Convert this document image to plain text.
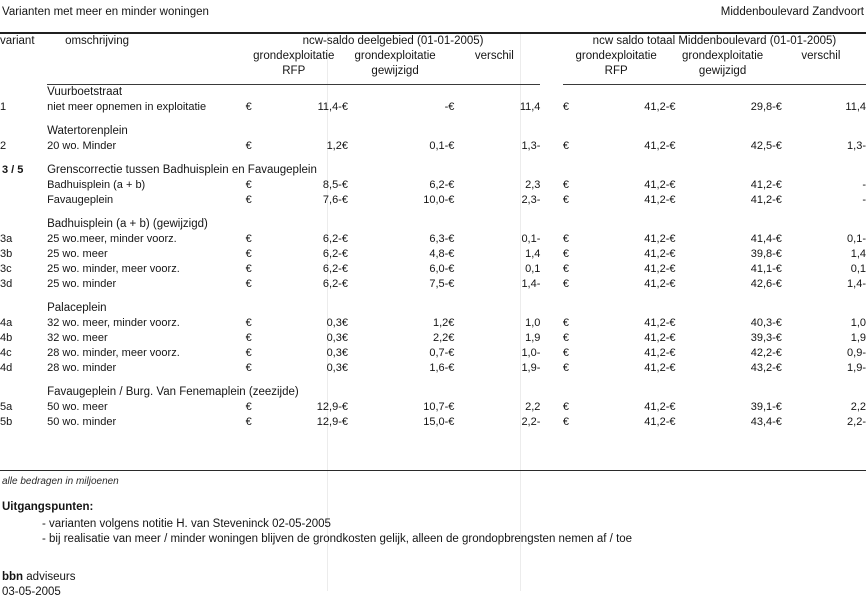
Varianten met meer en minder woningen	Middenboulevard Zandvoort
variant	omschrijving	ncw-saldo deelgebied (01-01-2005)							ncw saldo totaal Middenboulevard (01-01-2005)					
		grondexploitatie		grondexploitatie		verschil			grondexploitatie		grondexploitatie		verschil	
		RFP		gewijzigd					RFP		gewijzigd			

	Vuurboetstraat													
1	niet meer opnemen in exploitatie	€	11,4-	€	-	€	11,4		€	41,2-	€	29,8-	€	11,4

	Watertorenplein													
2	20 wo. Minder	€	1,2	€	0,1-	€	1,3-		€	41,2-	€	42,5-	€	1,3-

3 / 5	Grenscorrectie tussen Badhuisplein en Favaugeplein													
	Badhuisplein (a + b)	€	8,5-	€	6,2-	€	2,3		€	41,2-	€	41,2-	€	-
	Favaugeplein	€	7,6-	€	10,0-	€	2,3-		€	41,2-	€	41,2-	€	-

	Badhuisplein (a + b) (gewijzigd)													
3a	25 wo.meer, minder voorz.	€	6,2-	€	6,3-	€	0,1-		€	41,2-	€	41,4-	€	0,1-
3b	25 wo. meer	€	6,2-	€	4,8-	€	1,4		€	41,2-	€	39,8-	€	1,4
3c	25 wo. minder, meer voorz.	€	6,2-	€	6,0-	€	0,1		€	41,2-	€	41,1-	€	0,1
3d	25 wo. minder	€	6,2-	€	7,5-	€	1,4-		€	41,2-	€	42,6-	€	1,4-

	Palaceplein													
4a	32 wo. meer, minder voorz.	€	0,3	€	1,2	€	1,0		€	41,2-	€	40,3-	€	1,0
4b	32 wo. meer	€	0,3	€	2,2	€	1,9		€	41,2-	€	39,3-	€	1,9
4c	28 wo. minder, meer voorz.	€	0,3	€	0,7-	€	1,0-		€	41,2-	€	42,2-	€	0,9-
4d	28 wo. minder	€	0,3	€	1,6-	€	1,9-		€	41,2-	€	43,2-	€	1,9-

	Favaugeplein / Burg. Van Fenemaplein (zeezijde)													
5a	50 wo. meer	€	12,9-	€	10,7-	€	2,2		€	41,2-	€	39,1-	€	2,2
5b	50 wo. minder	€	12,9-	€	15,0-	€	2,2-		€	41,2-	€	43,4-	€	2,2-
alle bedragen in miljoenen
Uitgangspunten:
- varianten volgens notitie H. van Steveninck 02-05-2005
- bij realisatie van meer / minder woningen blijven de grondkosten gelijk, alleen de grondopbrengsten nemen af / toe
bbn adviseurs
03-05-2005
